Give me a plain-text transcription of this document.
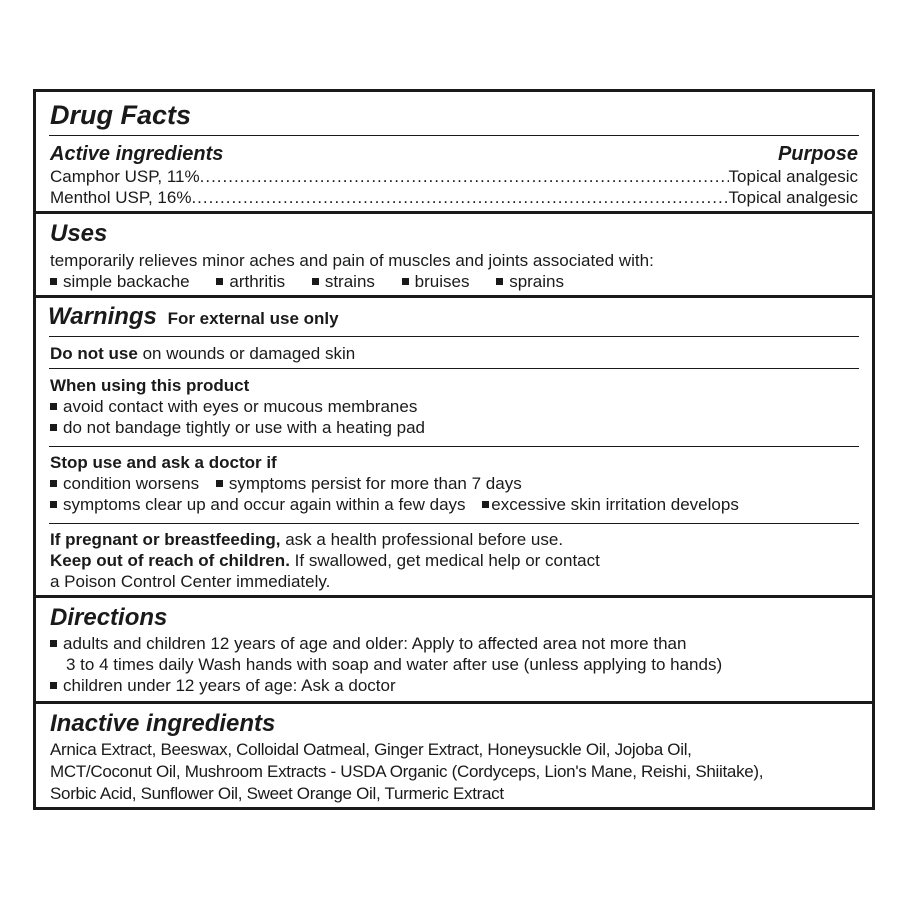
Drug Facts
Active ingredients	Purpose
Camphor USP, 11% .....	Topical analgesic
Menthol USP, 16% .....	Topical analgesic
Uses
temporarily relieves minor aches and pain of muscles and joints associated with:
simple backache arthritis strains bruises sprains
Warnings For external use only
Do not use on wounds or damaged skin
When using this product
avoid contact with eyes or mucous membranes
do not bandage tightly or use with a heating pad
Stop use and ask a doctor if
condition worsens symptoms persist for more than 7 days
symptoms clear up and occur again within a few days excessive skin irritation develops
If pregnant or breastfeeding, ask a health professional before use.
Keep out of reach of children. If swallowed, get medical help or contact
a Poison Control Center immediately.
Directions
adults and children 12 years of age and older: Apply to affected area not more than
3 to 4 times daily Wash hands with soap and water after use (unless applying to hands)
children under 12 years of age: Ask a doctor
Inactive ingredients
Arnica Extract, Beeswax, Colloidal Oatmeal, Ginger Extract, Honeysuckle Oil, Jojoba Oil,
MCT/Coconut Oil, Mushroom Extracts - USDA Organic (Cordyceps, Lion's Mane, Reishi, Shiitake),
Sorbic Acid, Sunflower Oil, Sweet Orange Oil, Turmeric Extract
